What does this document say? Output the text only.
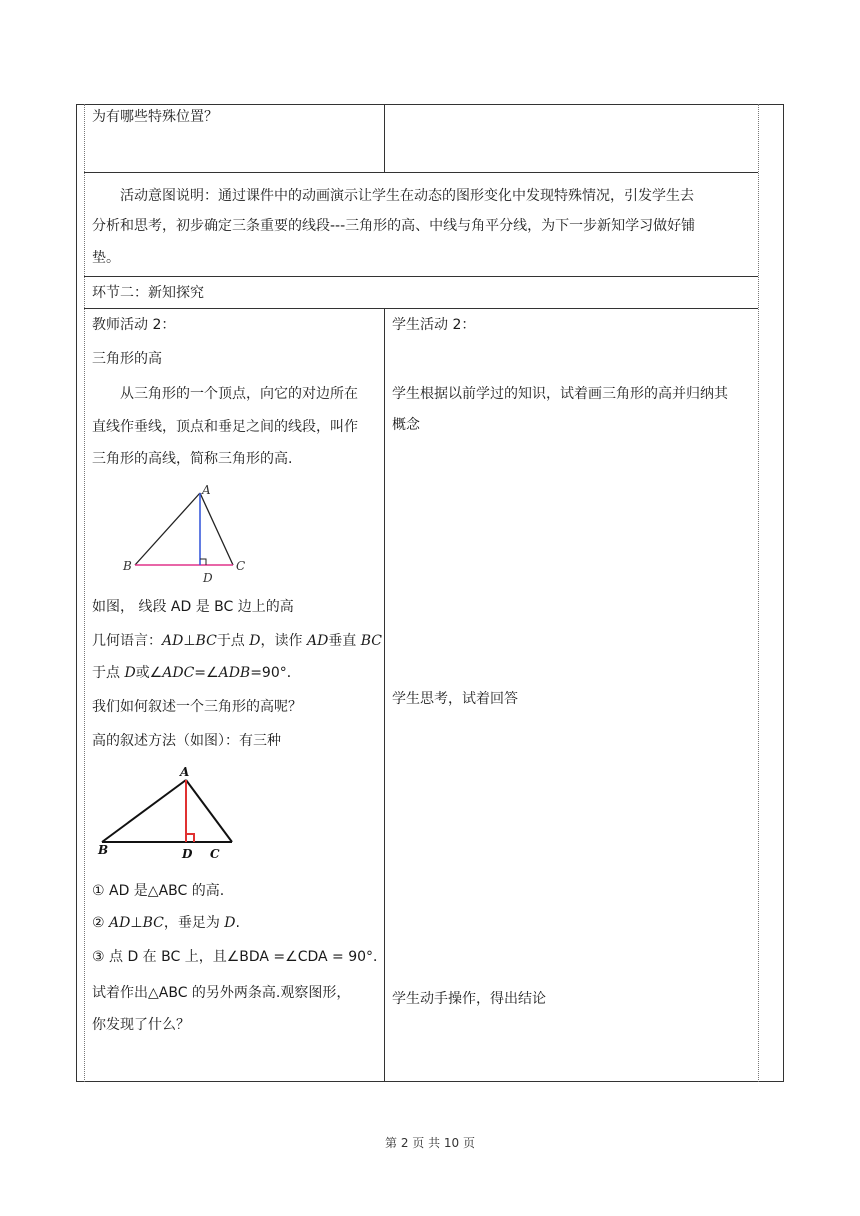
为有哪些特殊位置？
活动意图说明：通过课件中的动画演示让学生在动态的图形变化中发现特殊情况，引发学生去
分析和思考，初步确定三条重要的线段---三角形的高、中线与角平分线，为下一步新知学习做好铺
垫。
环节二：新知探究
教师活动 2：
三角形的高
从三角形的一个顶点，向它的对边所在
直线作垂线，顶点和垂足之间的线段，叫作
三角形的高线，简称三角形的高.
A
B	C
D
如图， 线段 AD 是 BC 边上的高
几何语言：AD⊥BC于点 D，读作 AD垂直 BC
于点 D或∠ADC=∠ADB=90°．
我们如何叙述一个三角形的高呢？
高的叙述方法（如图）：有三种
A
B	D C
① AD 是△ABC 的高.
② AD⊥BC，垂足为 D.
③ 点 D 在 BC 上，且∠BDA =∠CDA = 90°．
试着作出△ABC 的另外两条高.观察图形，
你发现了什么？
学生活动 2：
学生根据以前学过的知识，试着画三角形的高并归纳其
概念
学生思考，试着回答
学生动手操作，得出结论
第 2 页 共 10 页
